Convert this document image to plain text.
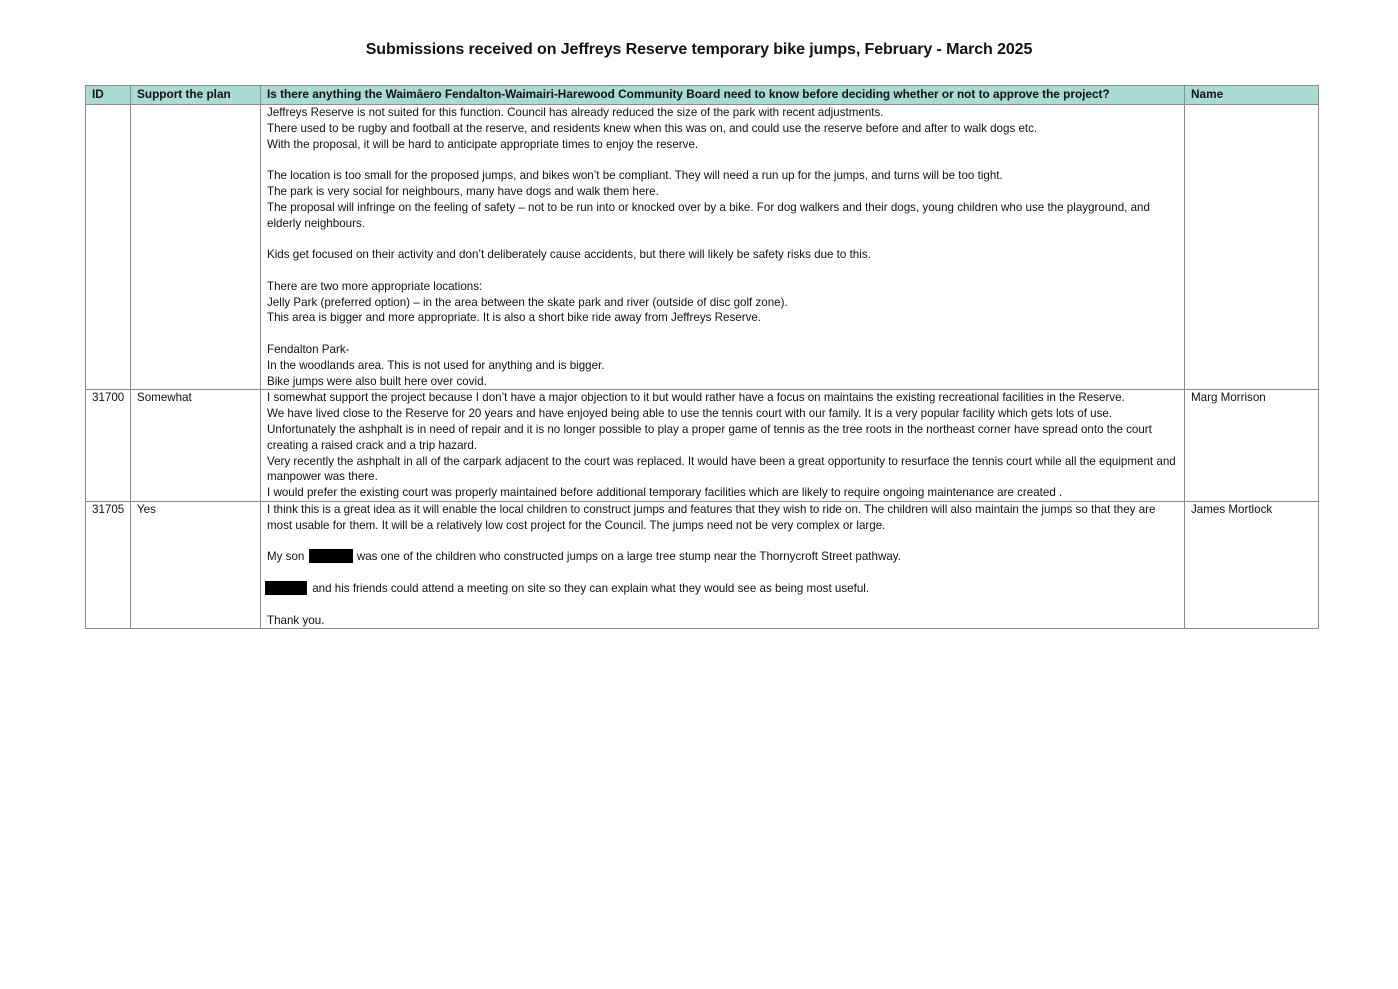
Submissions received on Jeffreys Reserve temporary bike jumps, February - March 2025
ID	Support the plan	Is there anything the Waimāero Fendalton-Waimairi-Harewood Community Board need to know before deciding whether or not to approve the project?	Name

Jeffreys Reserve is not suited for this function. Council has already reduced the size of the park with recent adjustments.
There used to be rugby and football at the reserve, and residents knew when this was on, and could use the reserve before and after to walk dogs etc.
With the proposal, it will be hard to anticipate appropriate times to enjoy the reserve.
The location is too small for the proposed jumps, and bikes won’t be compliant. They will need a run up for the jumps, and turns will be too tight.
The park is very social for neighbours, many have dogs and walk them here.
The proposal will infringe on the feeling of safety – not to be run into or knocked over by a bike. For dog walkers and their dogs, young children who use the playground, and elderly neighbours.
Kids get focused on their activity and don’t deliberately cause accidents, but there will likely be safety risks due to this.
There are two more appropriate locations:
Jelly Park (preferred option) – in the area between the skate park and river (outside of disc golf zone).
This area is bigger and more appropriate. It is also a short bike ride away from Jeffreys Reserve.
Fendalton Park-
In the woodlands area. This is not used for anything and is bigger.
Bike jumps were also built here over covid.

31700	Somewhat	I somewhat support the project because I don’t have a major objection to it but would rather have a focus on maintains the existing recreational facilities in the Reserve.
We have lived close to the Reserve for 20 years and have enjoyed being able to use the tennis court with our family. It is a very popular facility which gets lots of use.
Unfortunately the ashphalt is in need of repair and it is no longer possible to play a proper game of tennis as the tree roots in the northeast corner have spread onto the court creating a raised crack and a trip hazard.
Very recently the ashphalt in all of the carpark adjacent to the court was replaced. It would have been a great opportunity to resurface the tennis court while all the equipment and manpower was there.
I would prefer the existing court was properly maintained before additional temporary facilities which are likely to require ongoing maintenance are created .	Marg Morrison
31705	Yes	I think this is a great idea as it will enable the local children to construct jumps and features that they wish to ride on. The children will also maintain the jumps so that they are most usable for them. It will be a relatively low cost project for the Council. The jumps need not be very complex or large.
My son was one of the children who constructed jumps on a large tree stump near the Thornycroft Street pathway.
and his friends could attend a meeting on site so they can explain what they would see as being most useful.
Thank you.	James Mortlock
